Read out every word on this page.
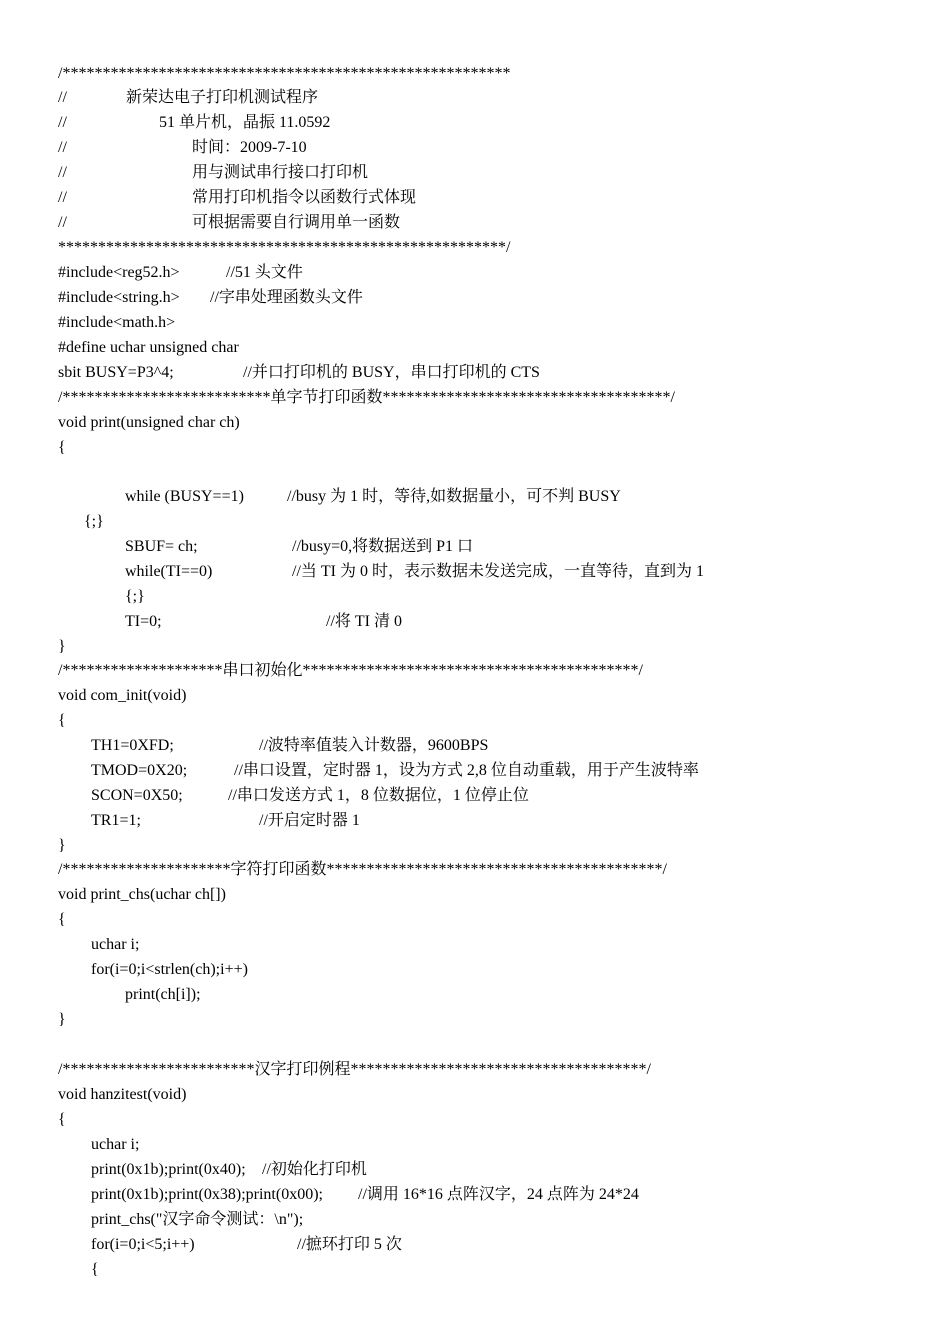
/********************************************************
//	新荣达电子打印机测试程序
//	51 单片机，晶振 11.0592
//	时间：2009-7-10
//	用与测试串行接口打印机
//	常用打印机指令以函数行式体现
//	可根据需要自行调用单一函数
********************************************************/
#include<reg52.h>	//51 头文件
#include<string.h> //字串处理函数头文件
#include<math.h>
#define uchar unsigned char
sbit BUSY=P3^4;	//并口打印机的 BUSY，串口打印机的 CTS
/**************************单字节打印函数************************************/
void print(unsigned char ch)
{
while (BUSY==1)	//busy 为 1 时，等待,如数据量小，可不判 BUSY
{;}
SBUF= ch;	//busy=0,将数据送到 P1 口
while(TI==0)	//当 TI 为 0 时，表示数据未发送完成，一直等待，直到为 1
{;}
TI=0;	//将 TI 清 0
}
/********************串口初始化******************************************/
void com_init(void)
{
TH1=0XFD;	//波特率值装入计数器，9600BPS
TMOD=0X20;	//串口设置，定时器 1，设为方式 2,8 位自动重载，用于产生波特率
SCON=0X50;	//串口发送方式 1，8 位数据位，1 位停止位
TR1=1;	//开启定时器 1
}
/*********************字符打印函数******************************************/
void print_chs(uchar ch[])
{
uchar i;
for(i=0;i<strlen(ch);i++)
print(ch[i]);
}
/************************汉字打印例程*************************************/
void hanzitest(void)
{
uchar i;
print(0x1b);print(0x40); //初始化打印机
print(0x1b);print(0x38);print(0x00); //调用 16*16 点阵汉字，24 点阵为 24*24
print_chs("汉字命令测试：\n");
for(i=0;i<5;i++)	//摭环打印 5 次
{
